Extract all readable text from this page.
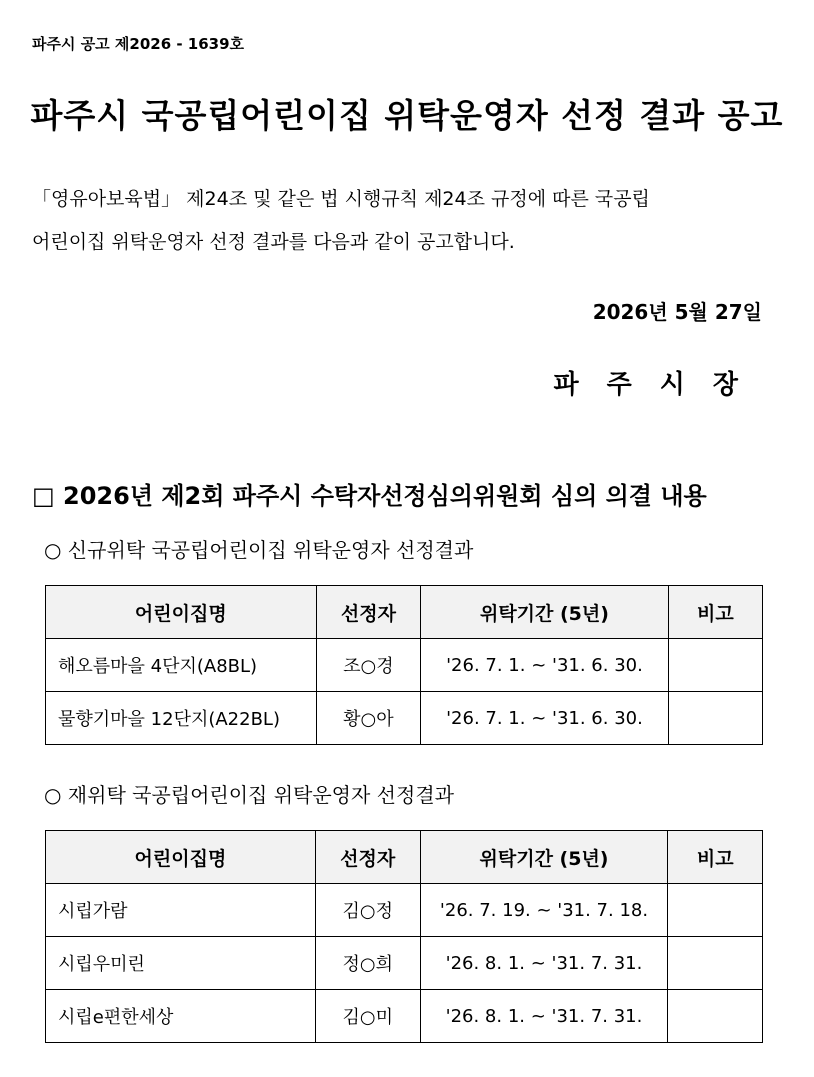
파주시 공고 제2026 - 1639호
파주시 국공립어린이집 위탁운영자 선정 결과 공고

「영유아보육법」 제24조 및 같은 법 시행규칙 제24조 규정에 따른 국공립
어린이집 위탁운영자 선정 결과를 다음과 같이 공고합니다.

2026년 5월 27일
파주시장
□ 2026년 제2회 파주시 수탁자선정심의위원회 심의 의결 내용
○ 신규위탁 국공립어린이집 위탁운영자 선정결과
어린이집명	선정자	위탁기간 (5년)	비고
해오름마을 4단지(A8BL)	조○경	'26. 7. 1. ~ '31. 6. 30.	
물향기마을 12단지(A22BL)	황○아	'26. 7. 1. ~ '31. 6. 30.	
○ 재위탁 국공립어린이집 위탁운영자 선정결과
어린이집명	선정자	위탁기간 (5년)	비고
시립가람	김○정	'26. 7. 19. ~ '31. 7. 18.	
시립우미린	정○희	'26. 8. 1. ~ '31. 7. 31.	
시립e편한세상	김○미	'26. 8. 1. ~ '31. 7. 31.	
